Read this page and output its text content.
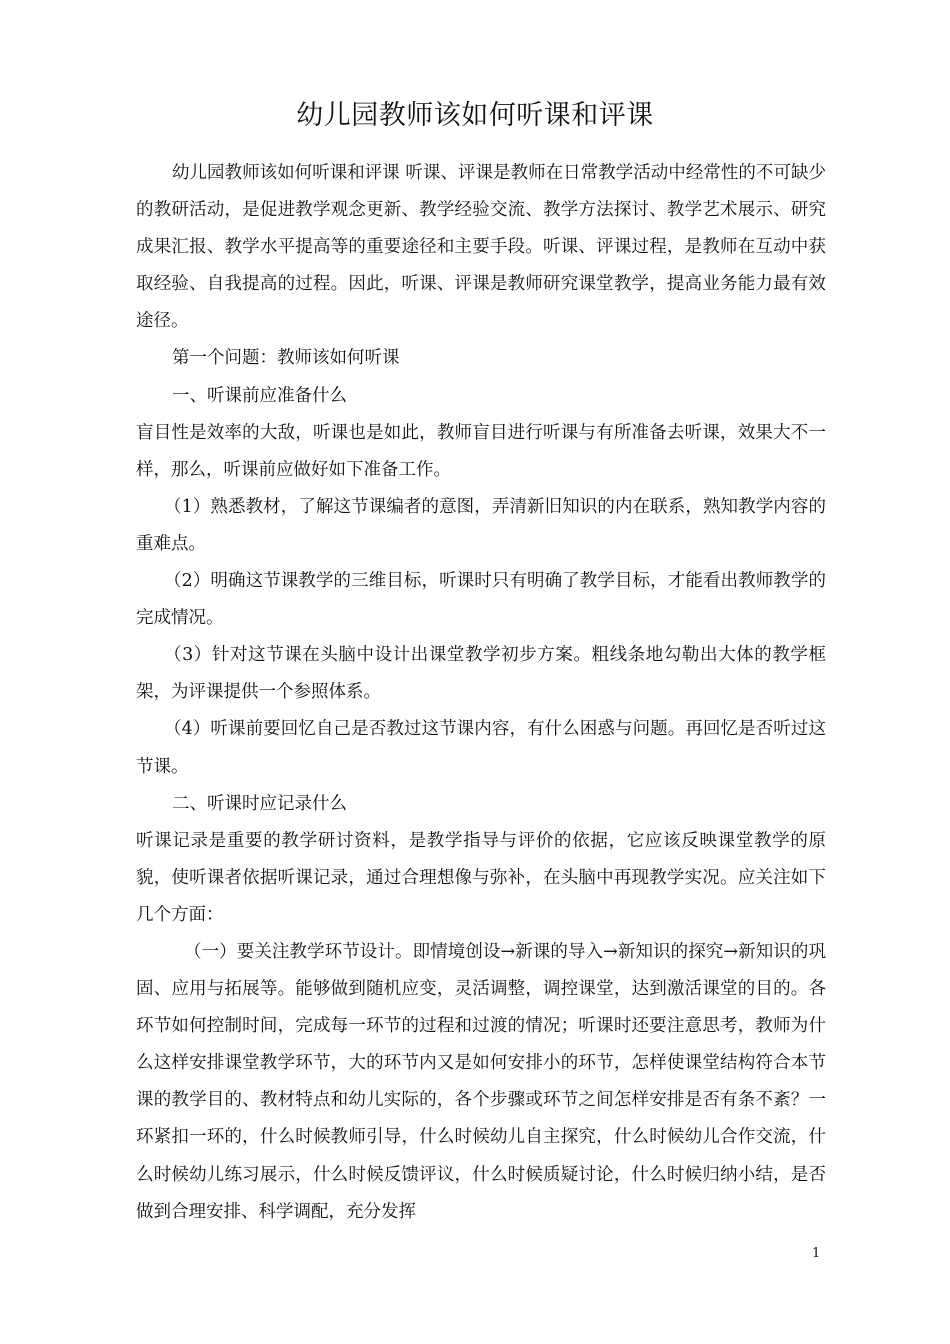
幼儿园教师该如何听课和评课

幼儿园教师该如何听课和评课 听课、评课是教师在日常教学活动中经常性的不可缺少的教研活动，是促进教学观念更新、教学经验交流、教学方法探讨、教学艺术展示、研究成果汇报、教学水平提高等的重要途径和主要手段。听课、评课过程，是教师在互动中获取经验、自我提高的过程。因此，听课、评课是教师研究课堂教学，提高业务能力最有效途径。

第一个问题：教师该如何听课

一、听课前应准备什么

盲目性是效率的大敌，听课也是如此，教师盲目进行听课与有所准备去听课，效果大不一样，那么，听课前应做好如下准备工作。

（1）熟悉教材，了解这节课编者的意图，弄清新旧知识的内在联系，熟知教学内容的重难点。

（2）明确这节课教学的三维目标，听课时只有明确了教学目标，才能看出教师教学的完成情况。

（3）针对这节课在头脑中设计出课堂教学初步方案。粗线条地勾勒出大体的教学框架，为评课提供一个参照体系。

（4）听课前要回忆自己是否教过这节课内容，有什么困惑与问题。再回忆是否听过这节课。

二、听课时应记录什么

听课记录是重要的教学研讨资料，是教学指导与评价的依据，它应该反映课堂教学的原貌，使听课者依据听课记录，通过合理想像与弥补，在头脑中再现教学实况。应关注如下几个方面：

（一）要关注教学环节设计。即情境创设→新课的导入→新知识的探究→新知识的巩固、应用与拓展等。能够做到随机应变，灵活调整，调控课堂，达到激活课堂的目的。各环节如何控制时间，完成每一环节的过程和过渡的情况；听课时还要注意思考，教师为什么这样安排课堂教学环节，大的环节内又是如何安排小的环节，怎样使课堂结构符合本节课的教学目的、教材特点和幼儿实际的，各个步骤或环节之间怎样安排是否有条不紊？一环紧扣一环的，什么时候教师引导，什么时候幼儿自主探究，什么时候幼儿合作交流，什么时候幼儿练习展示，什么时候反馈评议，什么时候质疑讨论，什么时候归纳小结，是否做到合理安排、科学调配，充分发挥

1
